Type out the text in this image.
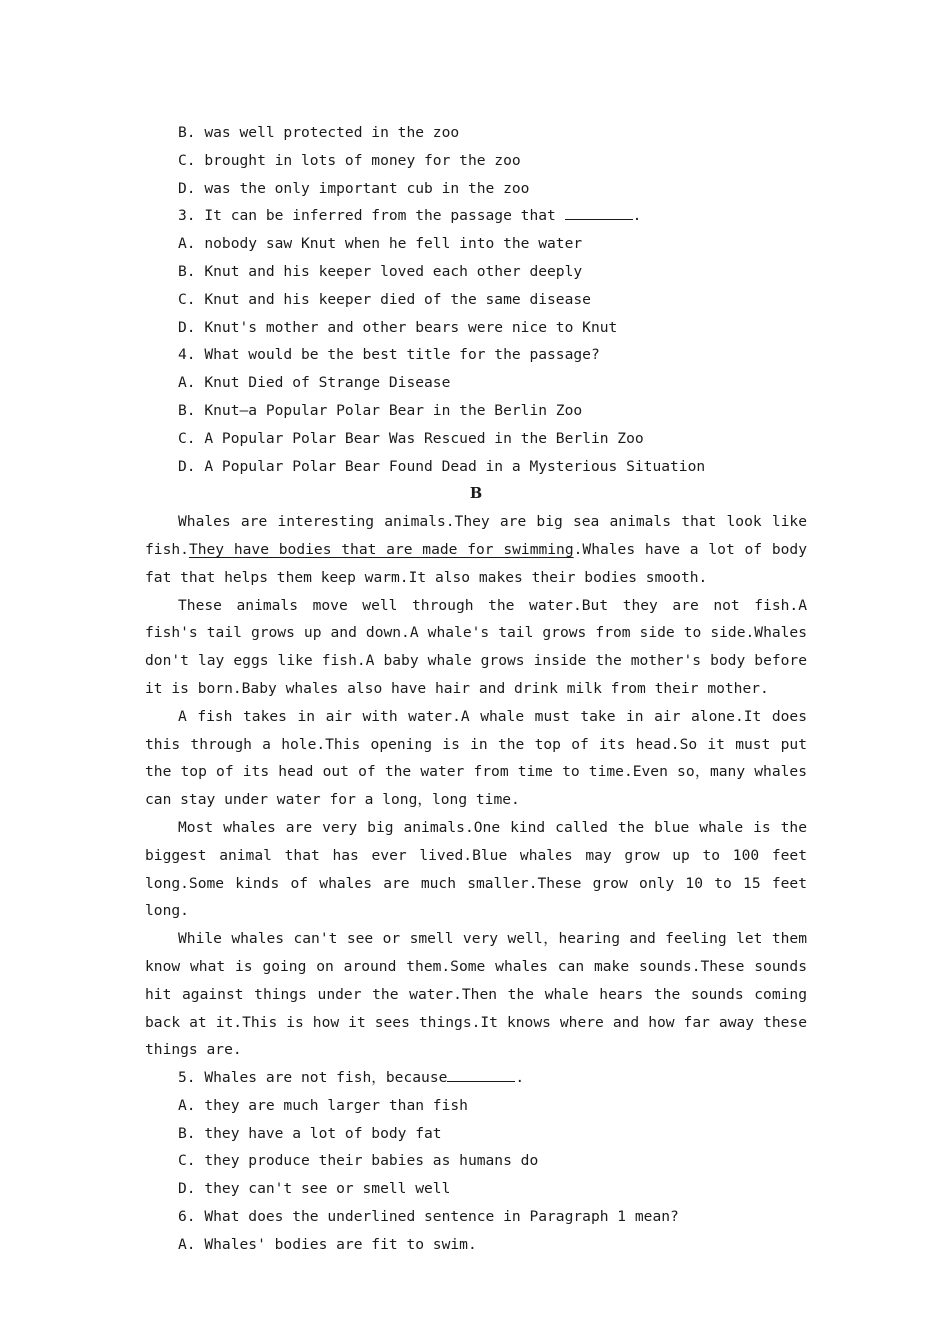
B. was well protected in the zoo

C. brought in lots of money for the zoo

D. was the only important cub in the zoo

3. It can be inferred from the passage that	.

A. nobody saw Knut when he fell into the water

B. Knut and his keeper loved each other deeply

C. Knut and his keeper died of the same disease

D. Knut's mother and other bears were nice to Knut

4. What would be the best title for the passage?

A. Knut Died of Strange Disease

B. Knut—a Popular Polar Bear in the Berlin Zoo

C. A Popular Polar Bear Was Rescued in the Berlin Zoo

D. A Popular Polar Bear Found Dead in a Mysterious Situation

B

Whales are interesting animals.They are big sea animals that look like fish.They have bodies that are made for swimming.Whales have a lot of body fat that helps them keep warm.It also makes their bodies smooth.

These animals move well through the water.But they are not fish.A fish's tail grows up and down.A whale's tail grows from side to side.Whales don't lay eggs like fish.A baby whale grows inside the mother's body before it is born.Baby whales also have hair and drink milk from their mother.

A fish takes in air with water.A whale must take in air alone.It does this through a hole.This opening is in the top of its head.So it must put the top of its head out of the water from time to time.Even so，many whales can stay under water for a long，long time.

Most whales are very big animals.One kind called the blue whale is the biggest animal that has ever lived.Blue whales may grow up to 100 feet long.Some kinds of whales are much smaller.These grow only 10 to 15 feet long.

While whales can't see or smell very well，hearing and feeling let them know what is going on around them.Some whales can make sounds.These sounds hit against things under the water.Then the whale hears the sounds coming back at it.This is how it sees things.It knows where and how far away these things are.

5. Whales are not fish，because	.

A. they are much larger than fish

B. they have a lot of body fat

C. they produce their babies as humans do

D. they can't see or smell well

6. What does the underlined sentence in Paragraph 1 mean?

A. Whales' bodies are fit to swim.
